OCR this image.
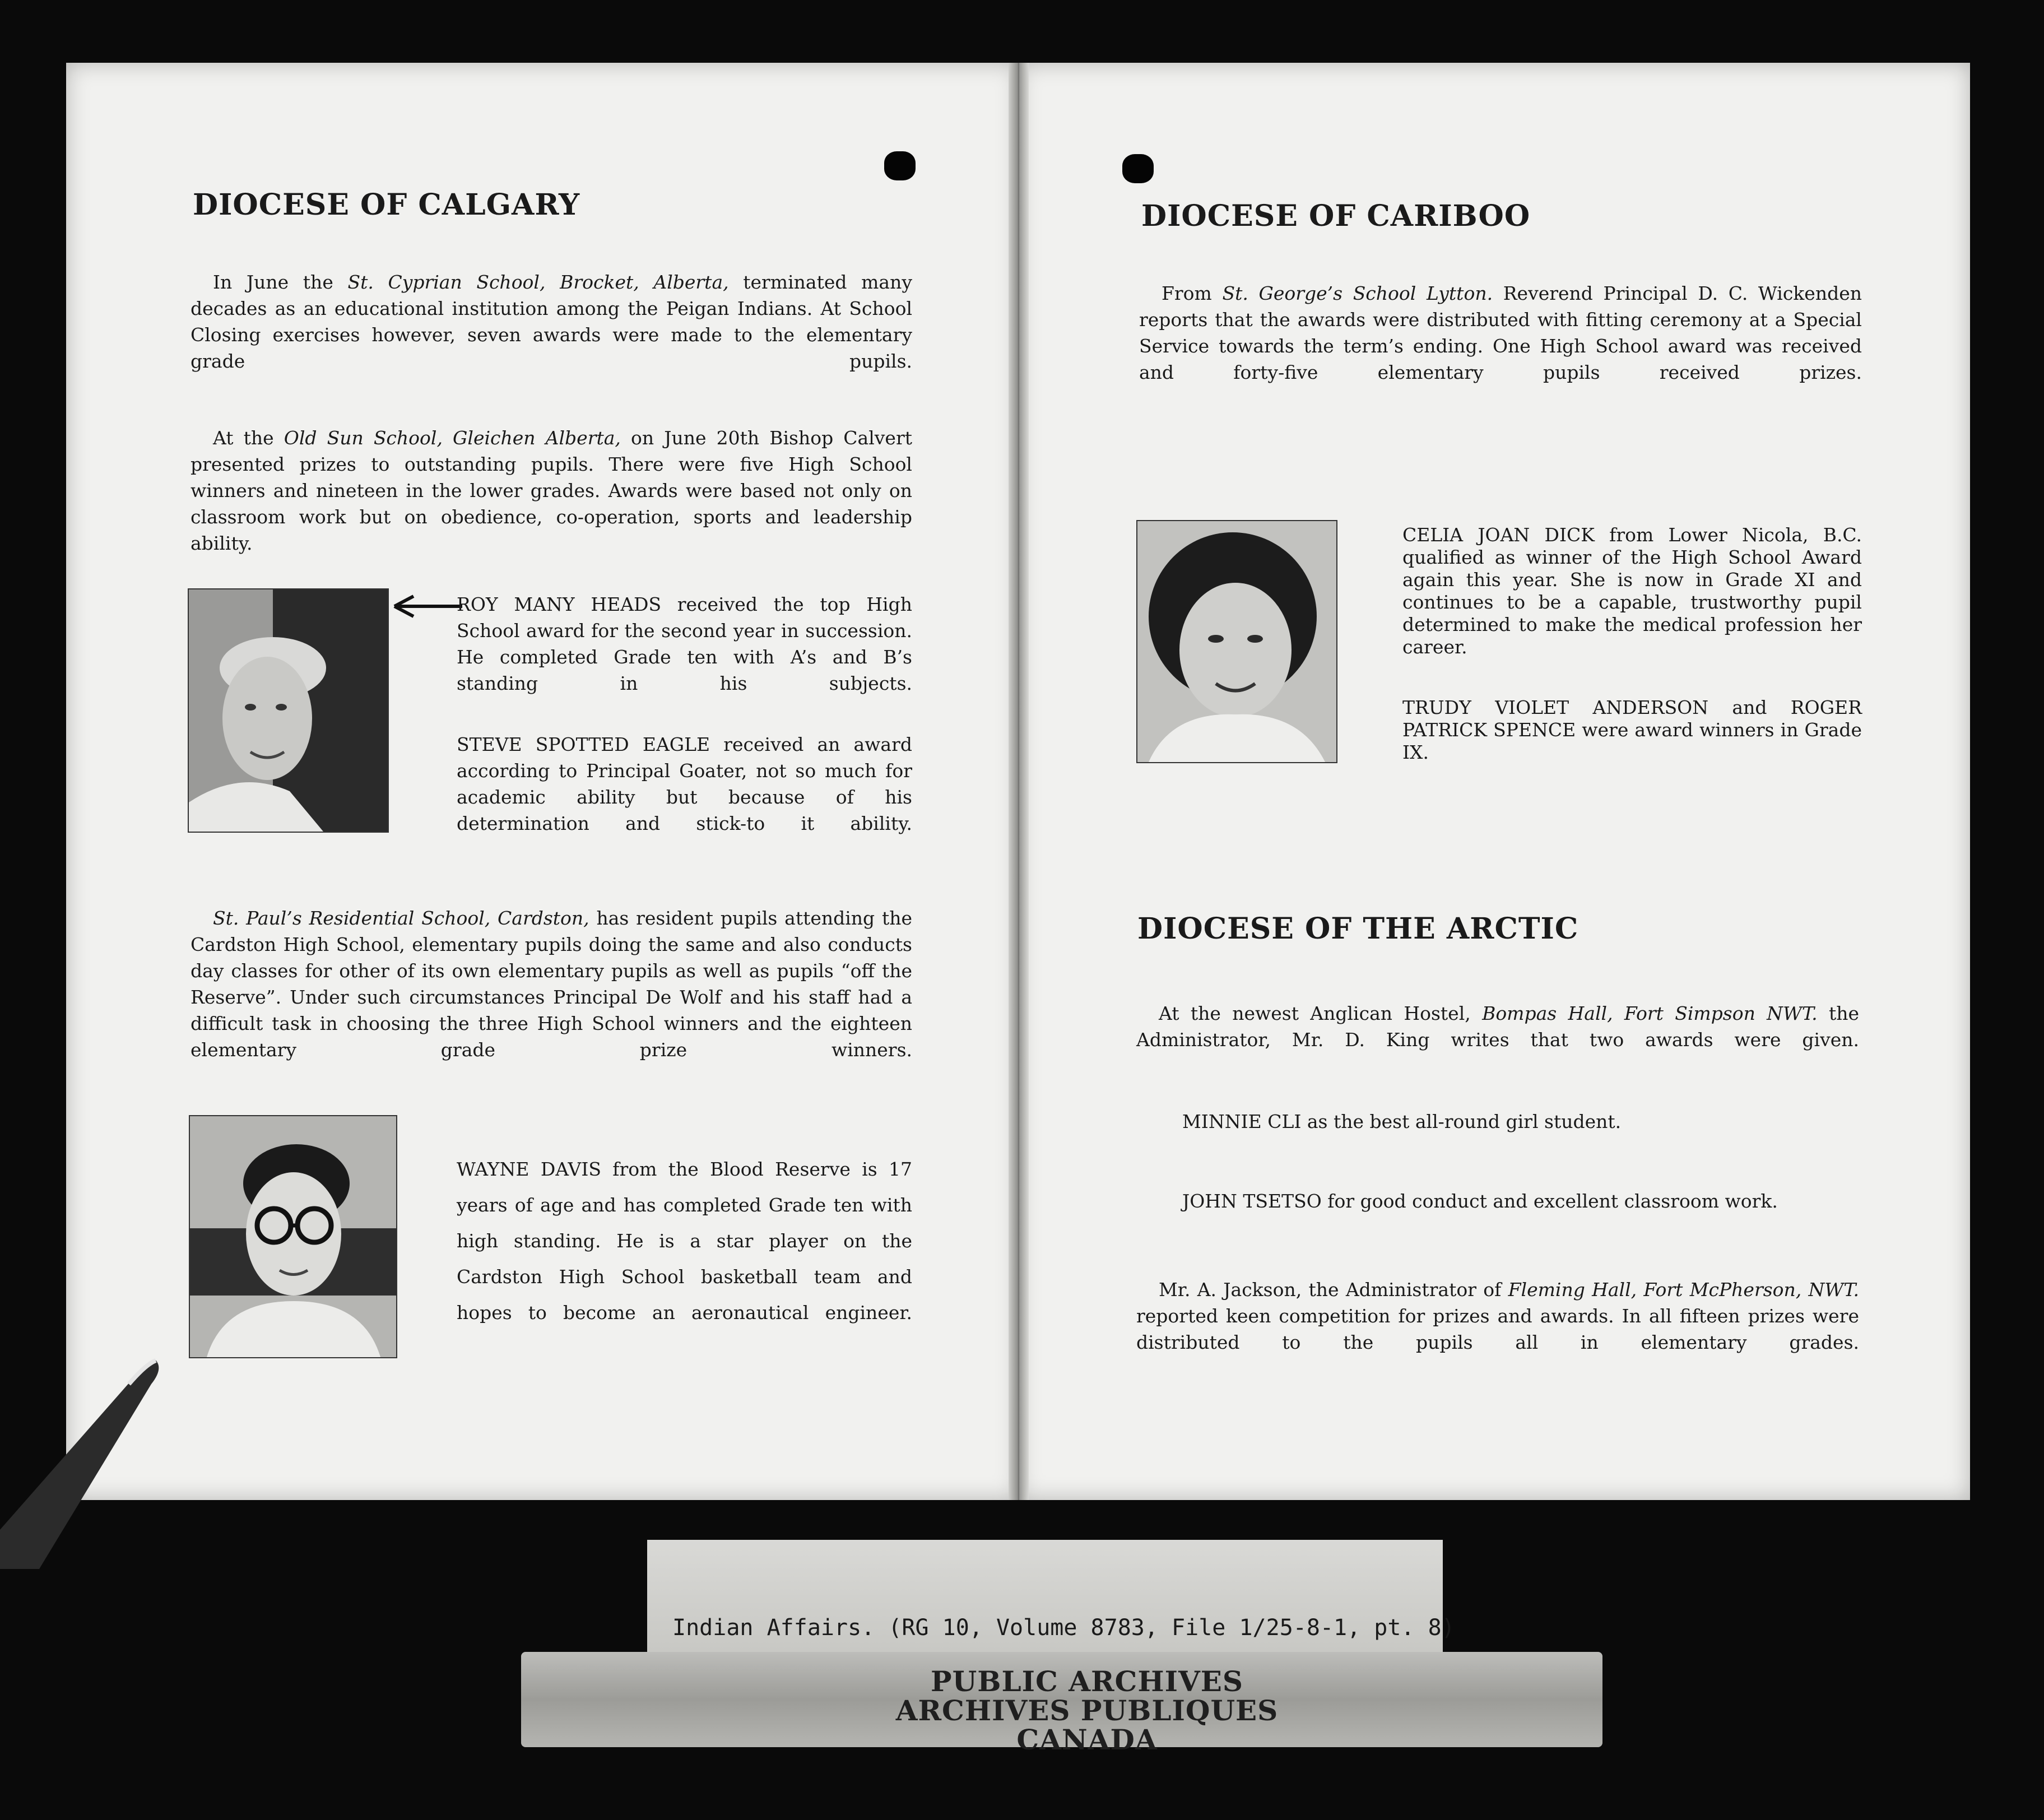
DIOCESE OF CALGARY

In June the St. Cyprian School, Brocket, Alberta, terminated many decades as an educational institution among the Peigan Indians. At School Closing exercises however, seven awards were made to the elementary grade pupils.

At the Old Sun School, Gleichen Alberta, on June 20th Bishop Calvert presented prizes to outstanding pupils. There were five High School winners and nineteen in the lower grades. Awards were based not only on classroom work but on obedience, co-operation, sports and leadership ability.

ROY MANY HEADS received the top High School award for the second year in succession. He completed Grade ten with A’s and B’s standing in his subjects.

STEVE SPOTTED EAGLE received an award according to Principal Goater, not so much for academic ability but because of his determination and stick-to it ability.

St. Paul’s Residential School, Cardston, has resident pupils attending the Cardston High School, elementary pupils doing the same and also conducts day classes for other of its own elementary pupils as well as pupils “off the Reserve”. Under such circumstances Principal De Wolf and his staff had a difficult task in choosing the three High School winners and the eighteen elementary grade prize winners.

WAYNE DAVIS from the Blood Reserve is 17 years of age and has completed Grade ten with high standing. He is a star player on the Cardston High School basketball team and hopes to become an aeronautical engineer.

DIOCESE OF CARIBOO

From St. George’s School Lytton. Reverend Principal D. C. Wickenden reports that the awards were distributed with fitting ceremony at a Special Service towards the term’s ending. One High School award was received and forty-five elementary pupils received prizes.

CELIA JOAN DICK from Lower Nicola, B.C. qualified as winner of the High School Award again this year. She is now in Grade XI and continues to be a capable, trustworthy pupil determined to make the medical profession her career.

TRUDY VIOLET ANDERSON and ROGER PATRICK SPENCE were award winners in Grade IX.

DIOCESE OF THE ARCTIC

At the newest Anglican Hostel, Bompas Hall, Fort Simpson NWT. the Administrator, Mr. D. King writes that two awards were given.

MINNIE CLI as the best all-round girl student.

JOHN TSETSO for good conduct and excellent classroom work.

Mr. A. Jackson, the Administrator of Fleming Hall, Fort McPherson, NWT. reported keen competition for prizes and awards. In all fifteen prizes were distributed to the pupils all in elementary grades.

Indian Affairs. (RG 10, Volume 8783, File 1/25-8-1, pt. 8)
PUBLIC ARCHIVES
ARCHIVES PUBLIQUES
CANADA
